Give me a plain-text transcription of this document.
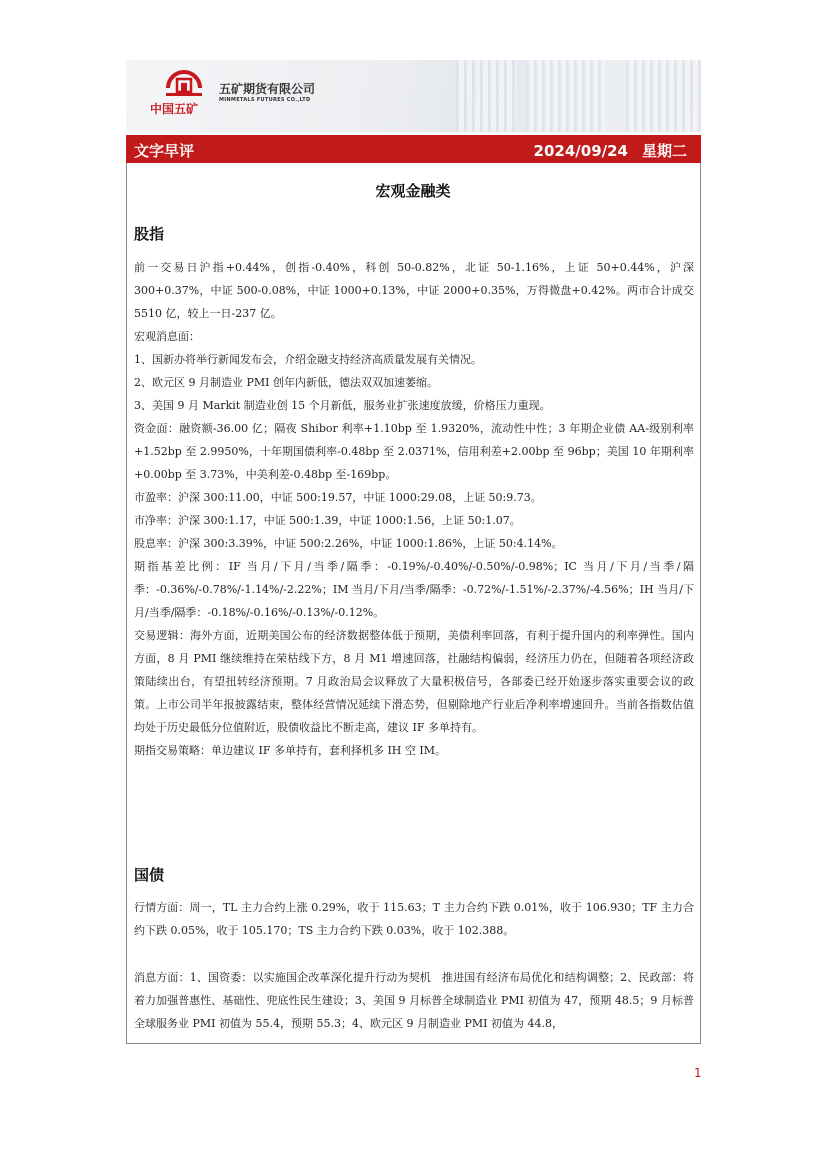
中国五矿
五矿期货有限公司
MINMETALS FUTURES CO.,LTD
文字早评	2024/09/24 星期二
宏观金融类
股指
前一交易日沪指+0.44%，创指-0.40%，科创 50-0.82%，北证 50-1.16%，上证 50+0.44%，沪深 300+0.37%，中证 500-0.08%，中证 1000+0.13%，中证 2000+0.35%，万得微盘+0.42%。两市合计成交 5510 亿，较上一日-237 亿。
宏观消息面：
1、国新办将举行新闻发布会，介绍金融支持经济高质量发展有关情况。
2、欧元区 9 月制造业 PMI 创年内新低，德法双双加速萎缩。
3、美国 9 月 Markit 制造业创 15 个月新低，服务业扩张速度放缓，价格压力重现。
资金面：融资额-36.00 亿；隔夜 Shibor 利率+1.10bp 至 1.9320%，流动性中性；3 年期企业债 AA-级别利率+1.52bp 至 2.9950%，十年期国债利率-0.48bp 至 2.0371%，信用利差+2.00bp 至 96bp；美国 10 年期利率+0.00bp 至 3.73%，中美利差-0.48bp 至-169bp。
市盈率：沪深 300:11.00，中证 500:19.57，中证 1000:29.08，上证 50:9.73。
市净率：沪深 300:1.17，中证 500:1.39，中证 1000:1.56，上证 50:1.07。
股息率：沪深 300:3.39%，中证 500:2.26%，中证 1000:1.86%，上证 50:4.14%。
期指基差比例：IF 当月/下月/当季/隔季：-0.19%/-0.40%/-0.50%/-0.98%；IC 当月/下月/当季/隔季：-0.36%/-0.78%/-1.14%/-2.22%；IM 当月/下月/当季/隔季：-0.72%/-1.51%/-2.37%/-4.56%；IH 当月/下月/当季/隔季：-0.18%/-0.16%/-0.13%/-0.12%。
交易逻辑：海外方面，近期美国公布的经济数据整体低于预期，美债利率回落，有利于提升国内的利率弹性。国内方面，8 月 PMI 继续维持在荣枯线下方，8 月 M1 增速回落，社融结构偏弱，经济压力仍在，但随着各项经济政策陆续出台，有望扭转经济预期。7 月政治局会议释放了大量积极信号，各部委已经开始逐步落实重要会议的政策。上市公司半年报披露结束，整体经营情况延续下滑态势，但剔除地产行业后净利率增速回升。当前各指数估值均处于历史最低分位值附近，股债收益比不断走高，建议 IF 多单持有。
期指交易策略：单边建议 IF 多单持有，套利择机多 IH 空 IM。
国债
行情方面：周一，TL 主力合约上涨 0.29%，收于 115.63；T 主力合约下跌 0.01%，收于 106.930；TF 主力合约下跌 0.05%，收于 105.170；TS 主力合约下跌 0.03%，收于 102.388。
消息方面：1、国资委：以实施国企改革深化提升行动为契机　推进国有经济布局优化和结构调整；2、民政部：将着力加强普惠性、基础性、兜底性民生建设；3、美国 9 月标普全球制造业 PMI 初值为 47，预期 48.5；9 月标普全球服务业 PMI 初值为 55.4，预期 55.3；4、欧元区 9 月制造业 PMI 初值为 44.8，
1
